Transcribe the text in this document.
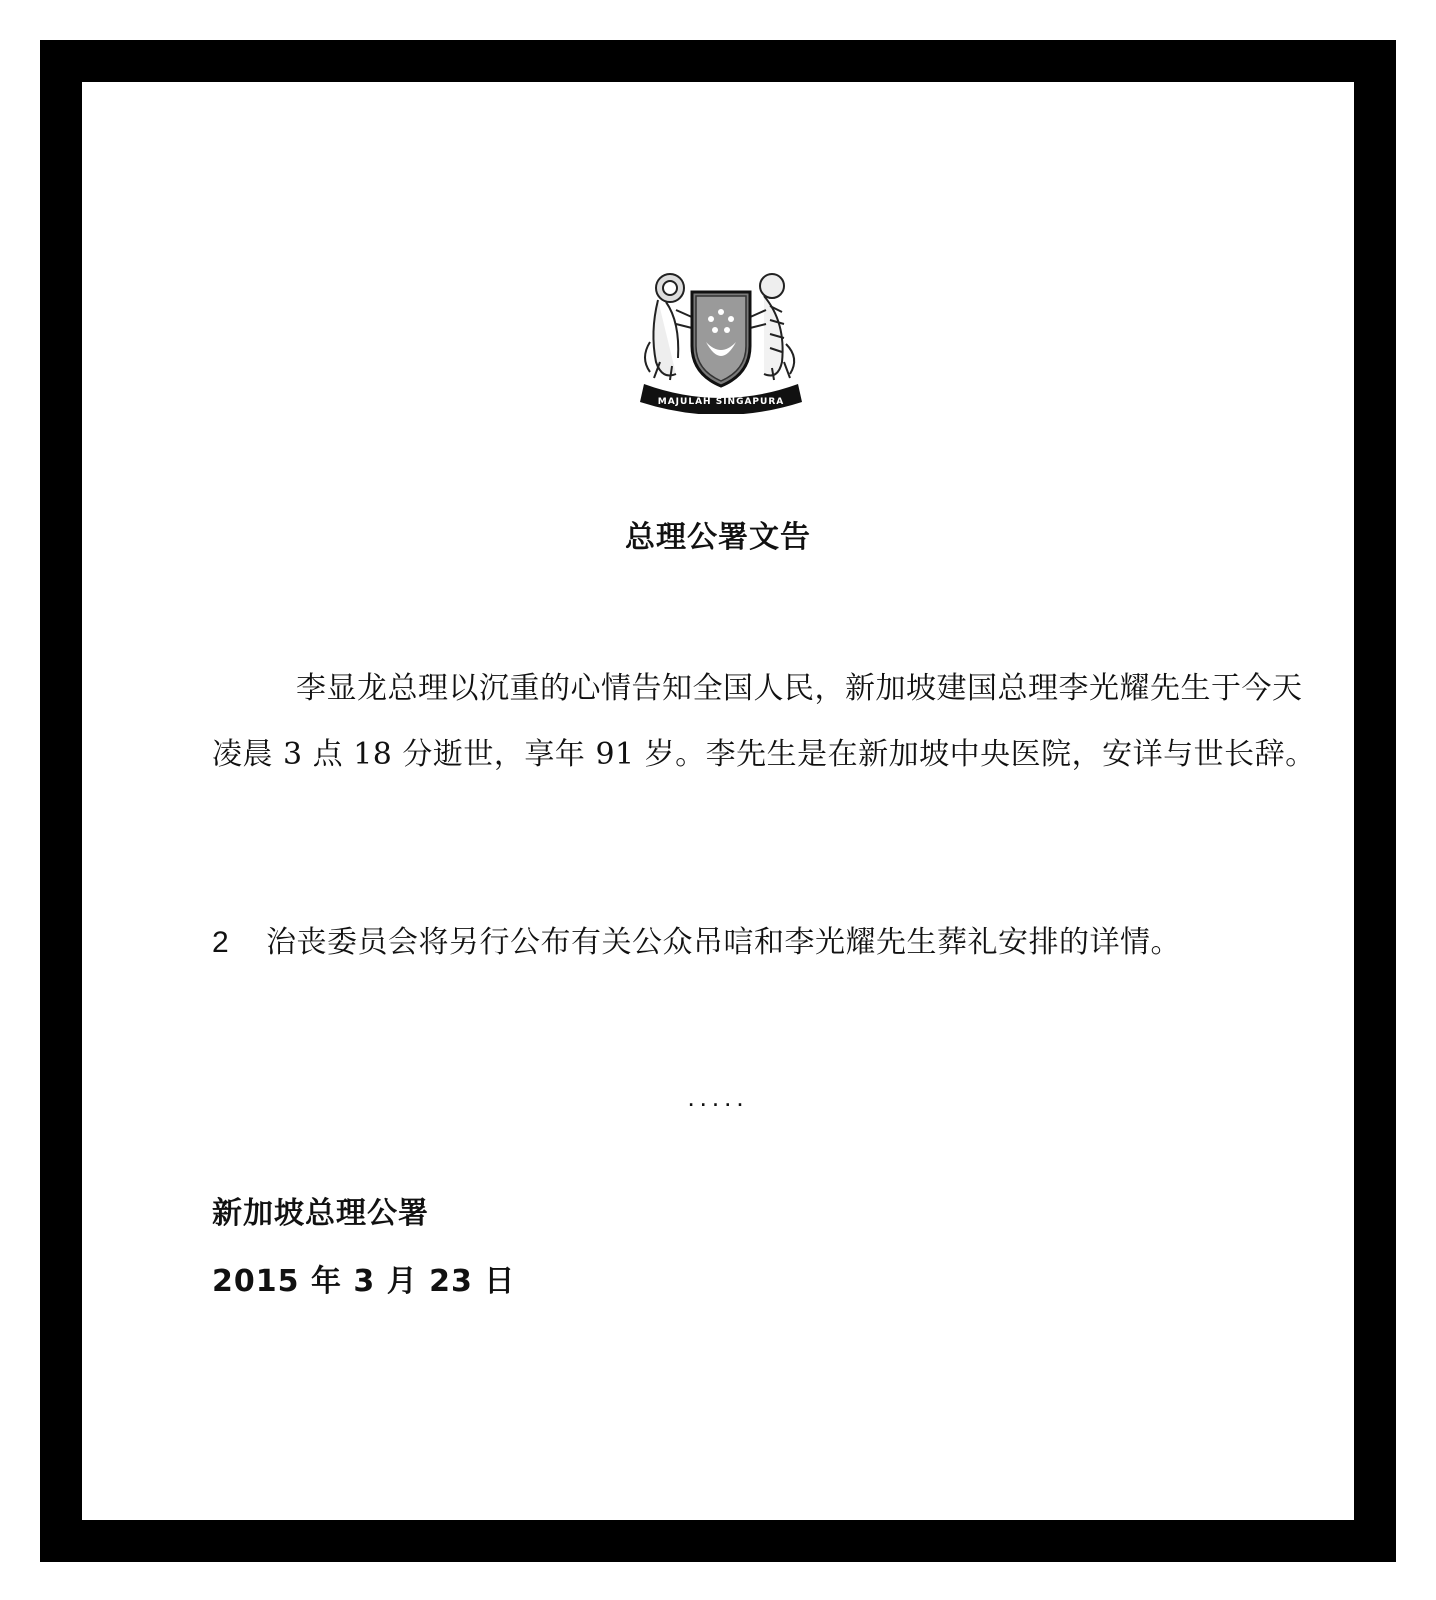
MAJULAH SINGAPURA
总理公署文告

李显龙总理以沉重的心情告知全国人民，新加坡建国总理李光耀先生于今天凌晨 3 点 18 分逝世，享年 91 岁。李先生是在新加坡中央医院，安详与世长辞。

2 治丧委员会将另行公布有关公众吊唁和李光耀先生葬礼安排的详情。

.....

新加坡总理公署

2015 年 3 月 23 日
